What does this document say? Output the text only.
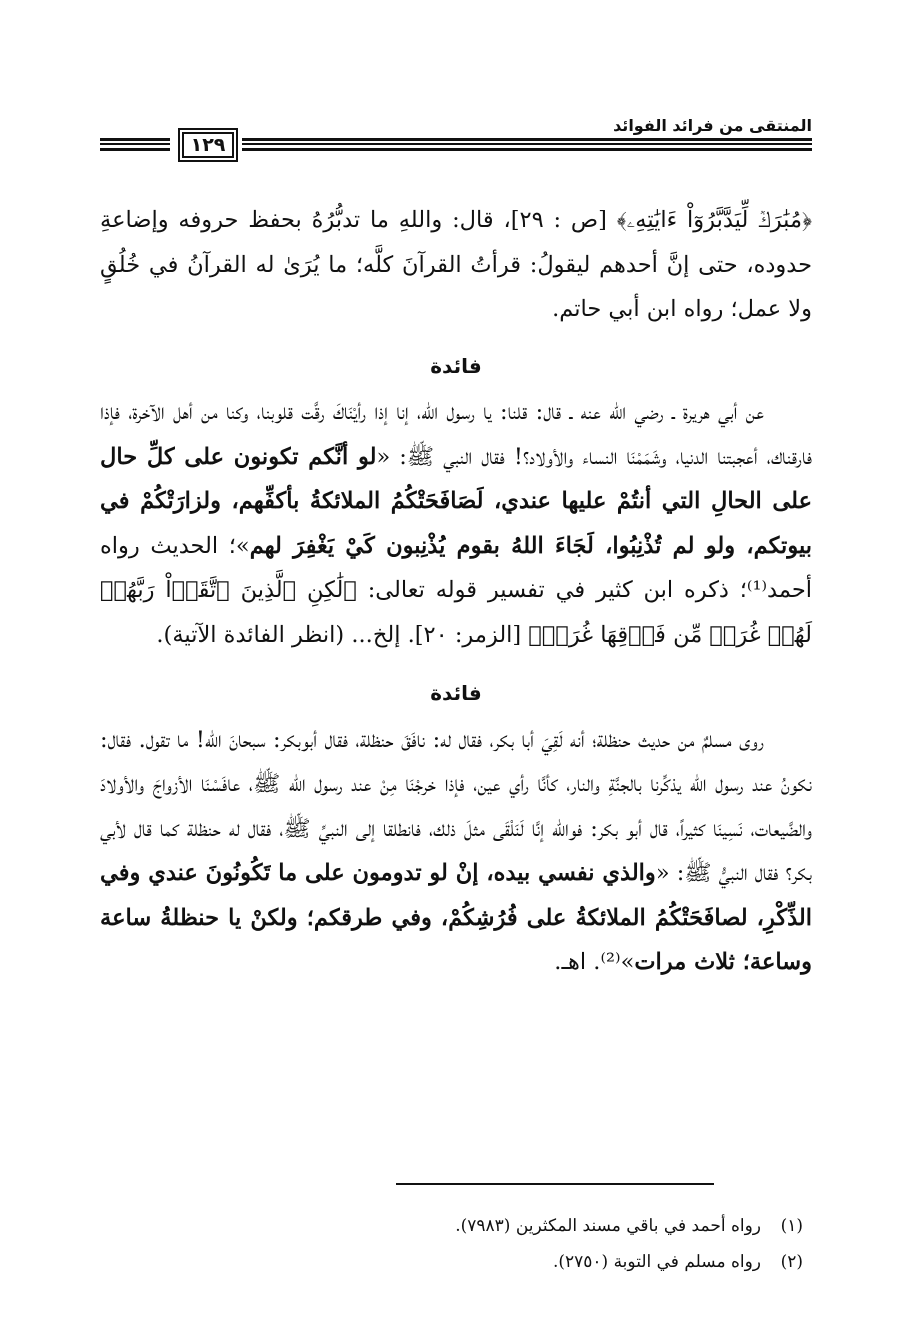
المنتقى من فرائد الفوائد
١٢٩

﴿مُبَٰرَكٞ لِّيَدَّبَّرُوٓاْ ءَايَٰتِهِۦ﴾ [ص : ٢٩]، قال: واللهِ ما تدبُّرُهُ بحفظ حروفه وإضاعةِ حدوده، حتى إنَّ أحدهم ليقولُ: قرأتُ القرآنَ كلَّه؛ ما يُرَىٰ له القرآنُ في خُلُقٍ ولا عمل؛ رواه ابن أبي حاتم.

فائدة

عن أبي هريرة ـ رضي الله عنه ـ قال: قلنا: يا رسول الله، إنا إذا رأيْنَاكَ رقَّت قلوبنا، وكنا من أهل الآخرة، فإذا فارقناك، أعجبتنا الدنيا، وشَمَمْنَا النساء والأولاد؟! فقال النبي ﷺ: «لو أنَّكم تكونون على كلِّ حال على الحالِ التي أنتُمْ عليها عندي، لَصَافَحَتْكُمُ الملائكةُ بأكفِّهم، ولزارَتْكُمْ في بيوتكم، ولو لم تُذْنِبُوا، لَجَاءَ اللهُ بقوم يُذْنِبون كَيْ يَغْفِرَ لهم»؛ الحديث رواه أحمد⁽¹⁾؛ ذكره ابن كثير في تفسير قوله تعالى: ﴿لَٰكِنِ ٱلَّذِينَ ٱتَّقَوۡاْ رَبَّهُمۡ لَهُمۡ غُرَفٞ مِّن فَوۡقِهَا غُرَفٞ﴾ [الزمر: ٢٠]. إلخ... (انظر الفائدة الآتية).

فائدة

روى مسلمٌ من حديث حنظلة؛ أنه لَقِيَ أبا بكر، فقال له: نافَقَ حنظلة، فقال أبوبكر: سبحانَ الله! ما تقول. فقال: نكونُ عند رسول الله يذكِّرنا بالجنَّةِ والنار، كأنَّا رأي عين، فإذا خرجْنَا مِنْ عند رسول الله ﷺ، عافَسْنَا الأزواجَ والأولادَ والضَّيعات، نَسِينَا كثيراً، قال أبو بكر: فوالله إنَّا لَنَلْقَى مثلَ ذلك، فانطلقا إلى النبيِّ ﷺ، فقال له حنظلة كما قال لأبي بكر؟ فقال النبيُّ ﷺ: «والذي نفسي بيده، إنْ لو تدومون على ما تَكُونُونَ عندي وفي الذِّكْرِ، لصافَحَتْكُمُ الملائكةُ على فُرُشِكُمْ، وفي طرقكم؛ ولكنْ يا حنظلةُ ساعة وساعة؛ ثلاث مرات»⁽²⁾. اهـ.

(١)رواه أحمد في باقي مسند المكثرين (٧٩٨٣).
(٢)رواه مسلم في التوبة (٢٧٥٠).
